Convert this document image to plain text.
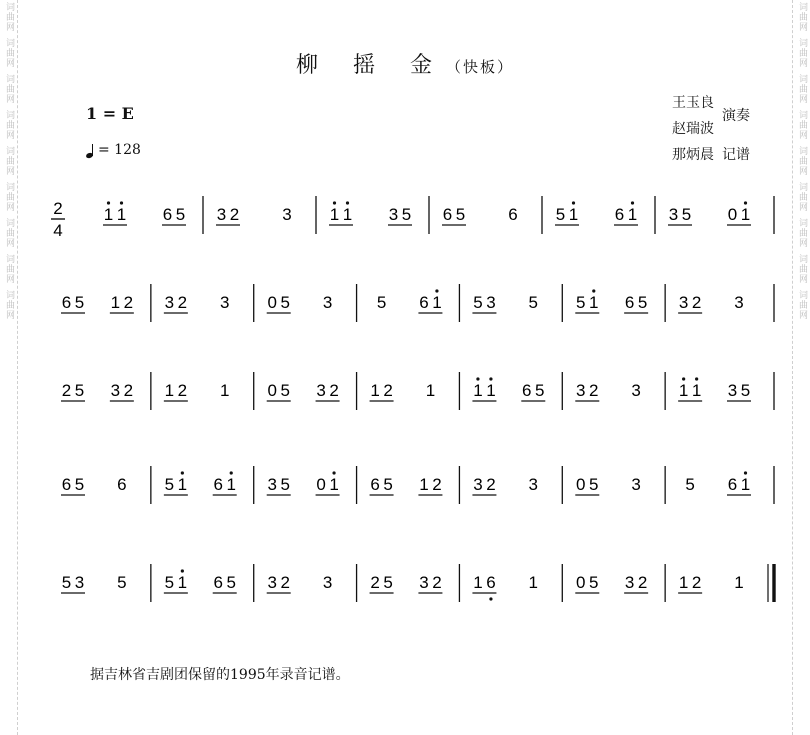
词曲网
词曲网
词曲网
词曲网
词曲网
词曲网
词曲网
词曲网
词曲网
词曲网
词曲网
词曲网
词曲网
词曲网
词曲网
词曲网
词曲网
词曲网
柳 摇 金（快板）
1 = E
= 128
王玉良
赵瑞波
演奏
那炳晨 记谱
2
4
1 1 6 5 3 2	3 1 1 3 5 6 5	6 5 1 6 1 3 5 0 1
6 5 1 2 3 2 3 0 5 3	5 6 1 5 3 5 5 1 6 5 3 2 3
2 5 3 2 1 2 1 0 5 3 2 1 2 1 1 1 6 5 3 2 3 1 1 3 5
6 5 6 5 1 6 1 3 5 0 1 6 5 1 2 3 2 3 0 5 3	5 6 1
5 3 5 5 1 6 5 3 2 3 2 5 3 2 1 6 1 0 5 3 2 1 2 1
据吉林省吉剧团保留的1995年录音记谱。
